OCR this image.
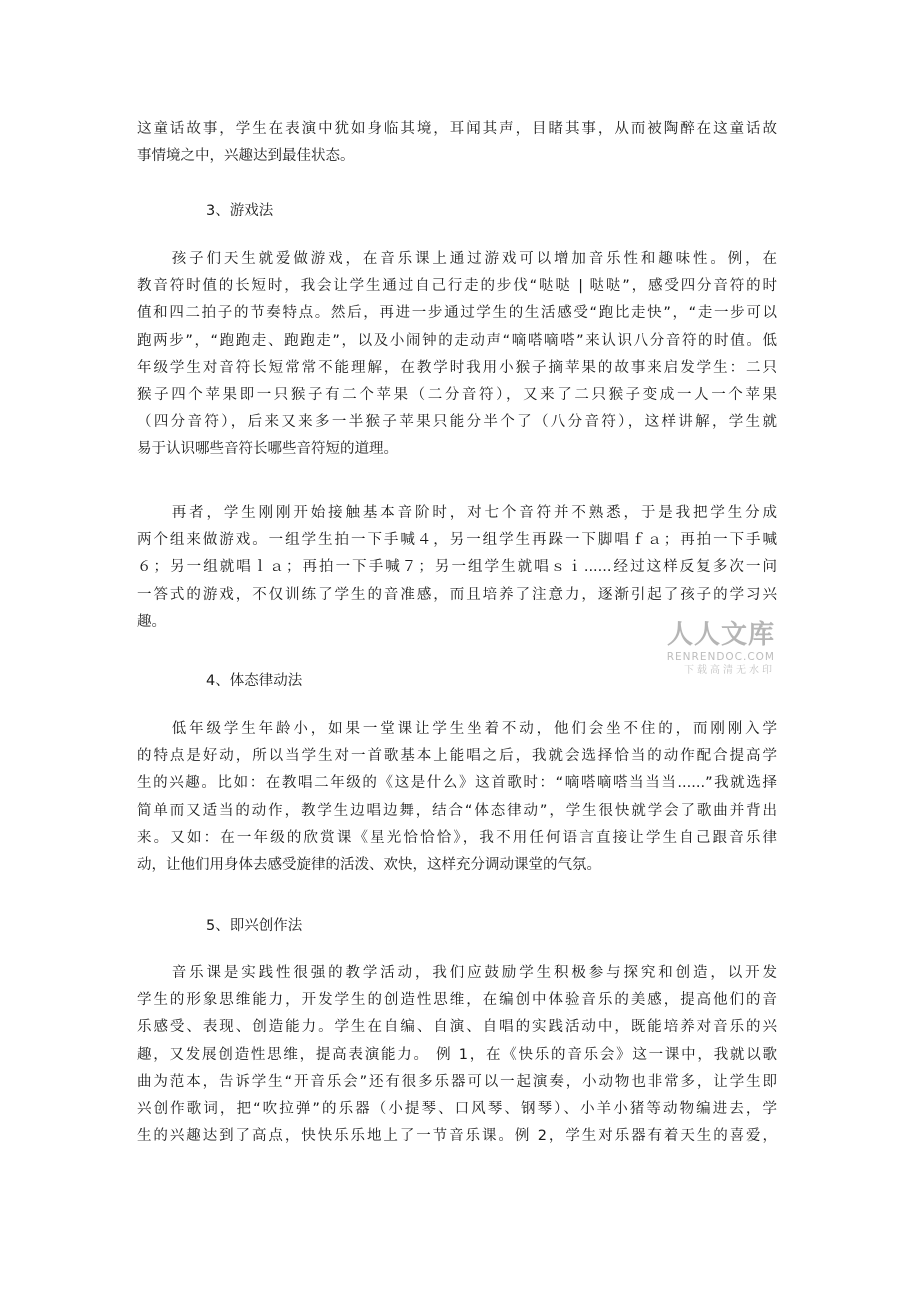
这童话故事，学生在表演中犹如身临其境，耳闻其声，目睹其事，从而被陶醉在这童话故
事情境之中，兴趣达到最佳状态。

3、游戏法

　　孩子们天生就爱做游戏，在音乐课上通过游戏可以增加音乐性和趣味性。例，在
教音符时值的长短时，我会让学生通过自己行走的步伐“哒哒 | 哒哒”，感受四分音符的时
值和四二拍子的节奏特点。然后，再进一步通过学生的生活感受“跑比走快”，“走一步可以
跑两步”，“跑跑走、跑跑走”，以及小闹钟的走动声“嘀嗒嘀嗒”来认识八分音符的时值。低
年级学生对音符长短常常不能理解，在教学时我用小猴子摘苹果的故事来启发学生：二只
猴子四个苹果即一只猴子有二个苹果（二分音符），又来了二只猴子变成一人一个苹果
（四分音符），后来又来多一半猴子苹果只能分半个了（八分音符），这样讲解，学生就
易于认识哪些音符长哪些音符短的道理。

　　再者，学生刚刚开始接触基本音阶时，对七个音符并不熟悉，于是我把学生分成
两个组来做游戏。一组学生拍一下手喊４，另一组学生再跺一下脚唱ｆａ；再拍一下手喊
６；另一组就唱ｌａ；再拍一下手喊７；另一组学生就唱ｓｉ......经过这样反复多次一问
一答式的游戏，不仅训练了学生的音准感，而且培养了注意力，逐渐引起了孩子的学习兴
趣。

4、体态律动法

　　低年级学生年龄小，如果一堂课让学生坐着不动，他们会坐不住的，而刚刚入学
的特点是好动，所以当学生对一首歌基本上能唱之后，我就会选择恰当的动作配合提高学
生的兴趣。比如：在教唱二年级的《这是什么》这首歌时：“嘀嗒嘀嗒当当当......”我就选择
简单而又适当的动作，教学生边唱边舞，结合“体态律动”，学生很快就学会了歌曲并背出
来。又如：在一年级的欣赏课《星光恰恰恰》，我不用任何语言直接让学生自己跟音乐律
动，让他们用身体去感受旋律的活泼、欢快，这样充分调动课堂的气氛。

5、即兴创作法

　　音乐课是实践性很强的教学活动，我们应鼓励学生积极参与探究和创造，以开发
学生的形象思维能力，开发学生的创造性思维，在编创中体验音乐的美感，提高他们的音
乐感受、表现、创造能力。学生在自编、自演、自唱的实践活动中，既能培养对音乐的兴
趣，又发展创造性思维，提高表演能力。 例 1，在《快乐的音乐会》这一课中，我就以歌
曲为范本，告诉学生“开音乐会”还有很多乐器可以一起演奏，小动物也非常多，让学生即
兴创作歌词，把“吹拉弹”的乐器（小提琴、口风琴、钢琴）、小羊小猪等动物编进去，学
生的兴趣达到了高点，快快乐乐地上了一节音乐课。例 2，学生对乐器有着天生的喜爱，

人人文库
RENRENDOC.COM
下载高清无水印
